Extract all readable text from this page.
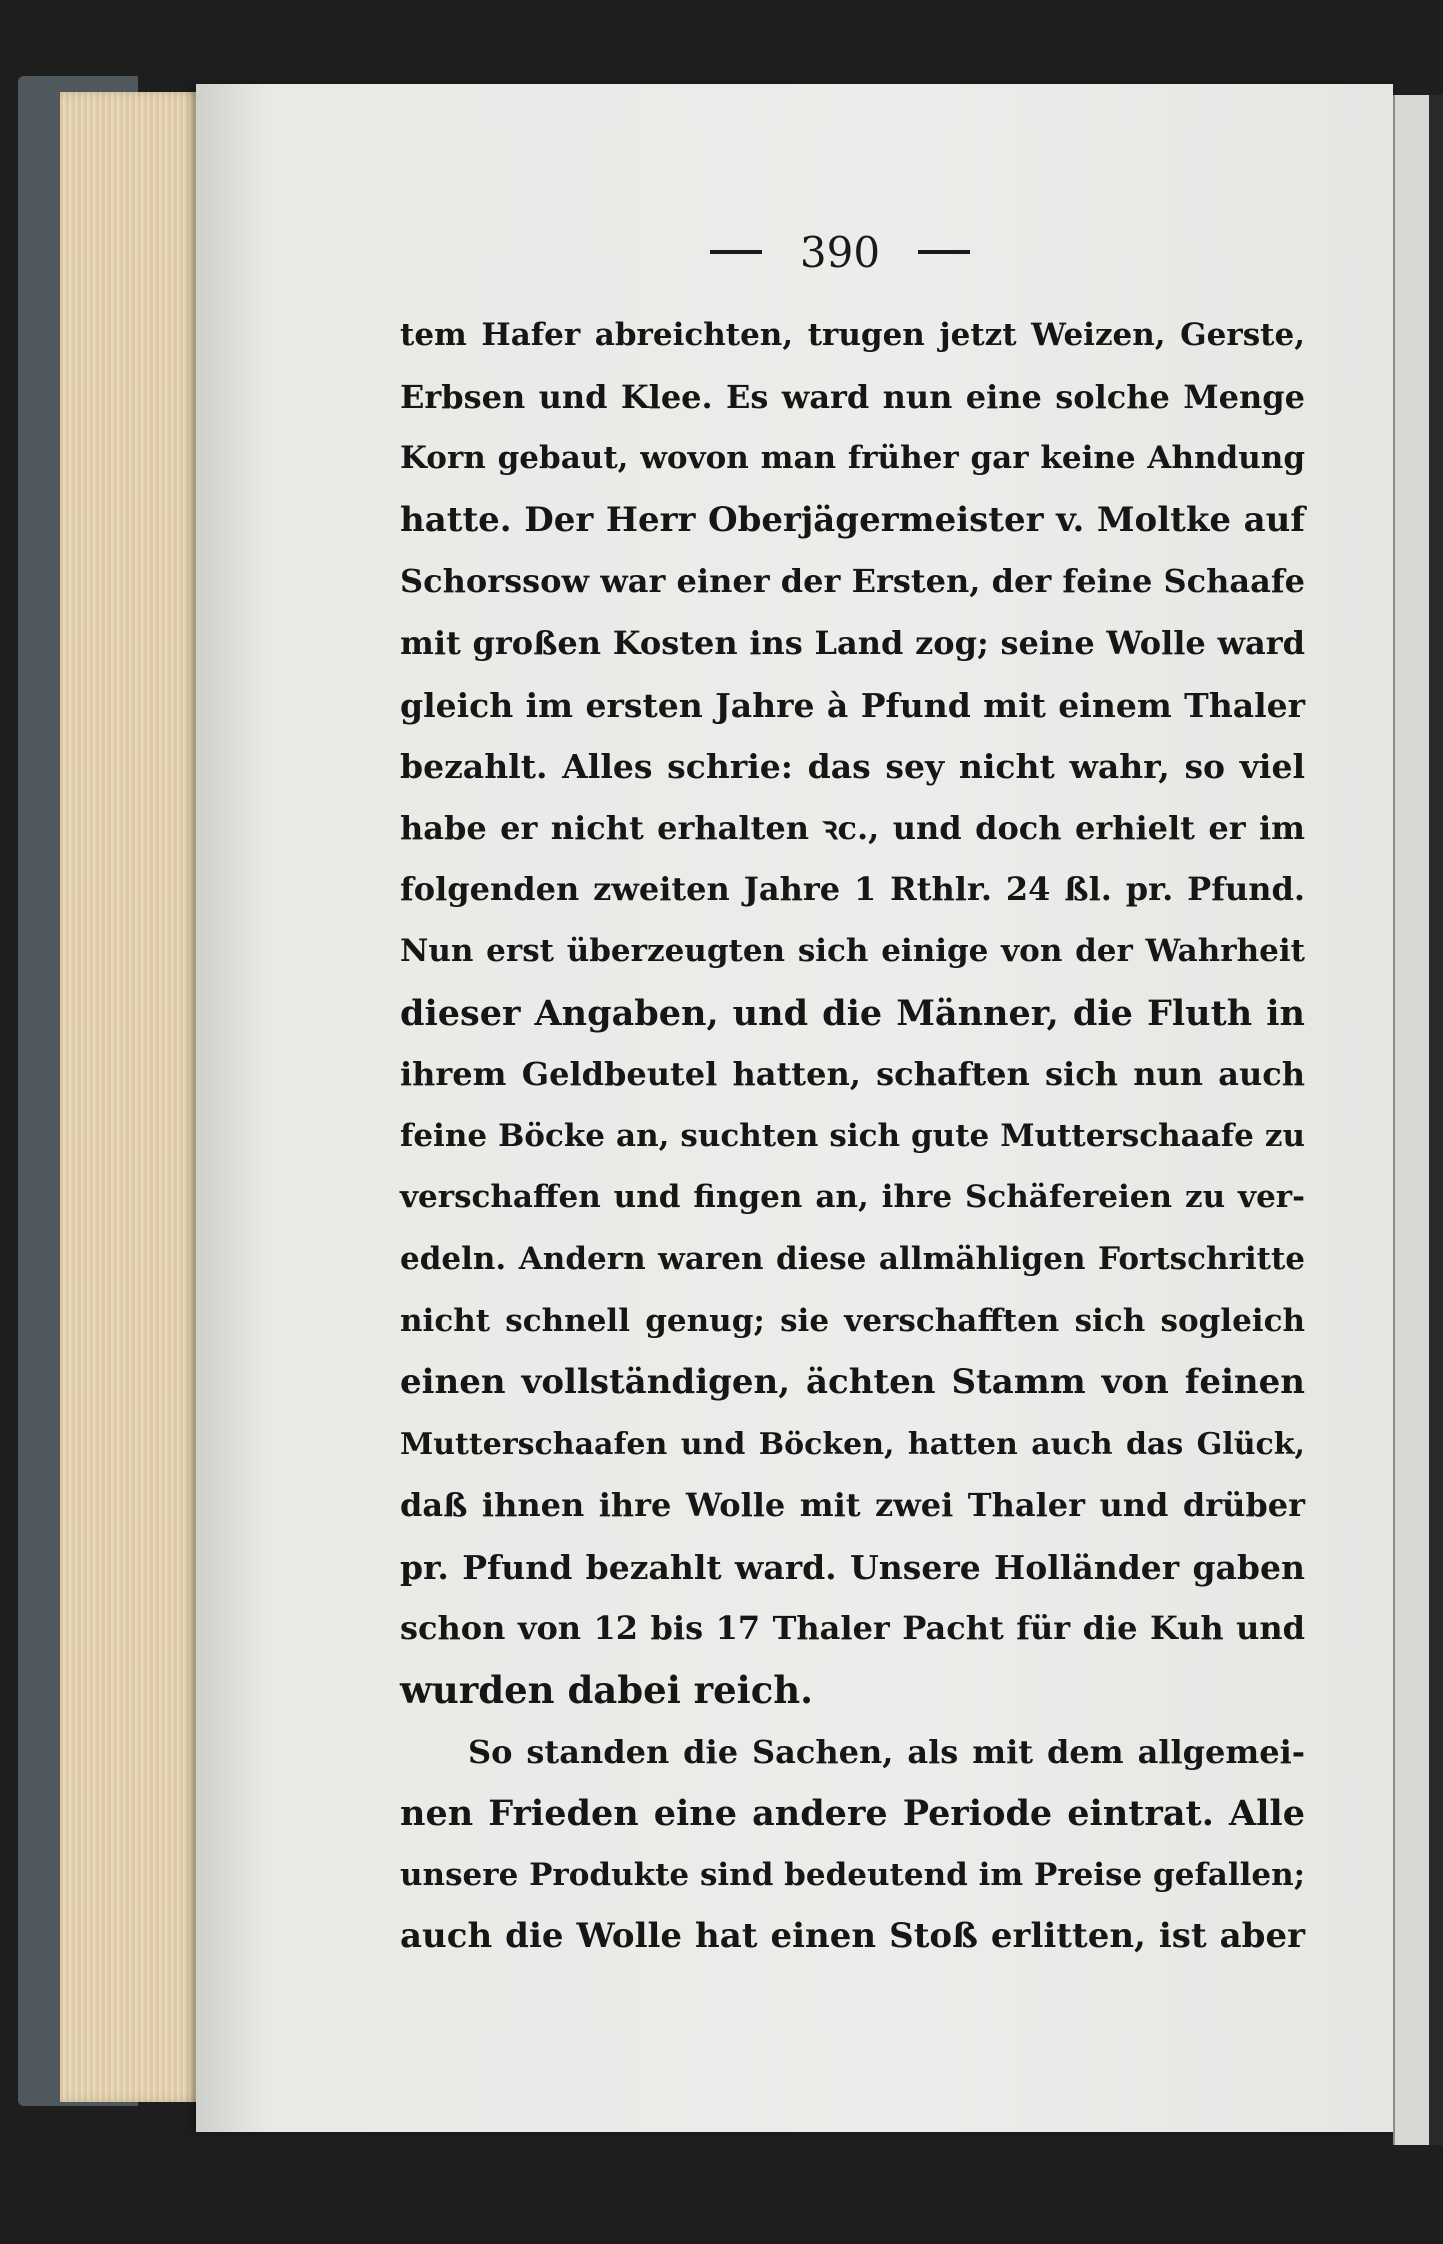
390
tem Hafer abreichten, trugen jetzt Weizen, Gerste,
Erbsen und Klee. Es ward nun eine solche Menge
Korn gebaut, wovon man früher gar keine Ahndung
hatte. Der Herr Oberjägermeister v. Moltke auf
Schorssow war einer der Ersten, der feine Schaafe
mit großen Kosten ins Land zog; seine Wolle ward
gleich im ersten Jahre à Pfund mit einem Thaler
bezahlt. Alles schrie: das sey nicht wahr, so viel
habe er nicht erhalten ꝛc., und doch erhielt er im
folgenden zweiten Jahre 1 Rthlr. 24 ßl. pr. Pfund.
Nun erst überzeugten sich einige von der Wahrheit
dieser Angaben, und die Männer, die Fluth in
ihrem Geldbeutel hatten, schaften sich nun auch
feine Böcke an, suchten sich gute Mutterschaafe zu
verschaffen und fingen an, ihre Schäfereien zu ver-
edeln. Andern waren diese allmähligen Fortschritte
nicht schnell genug; sie verschafften sich sogleich
einen vollständigen, ächten Stamm von feinen
Mutterschaafen und Böcken, hatten auch das Glück,
daß ihnen ihre Wolle mit zwei Thaler und drüber
pr. Pfund bezahlt ward. Unsere Holländer gaben
schon von 12 bis 17 Thaler Pacht für die Kuh und
wurden dabei reich.
So standen die Sachen, als mit dem allgemei-
nen Frieden eine andere Periode eintrat. Alle
unsere Produkte sind bedeutend im Preise gefallen;
auch die Wolle hat einen Stoß erlitten, ist aber
